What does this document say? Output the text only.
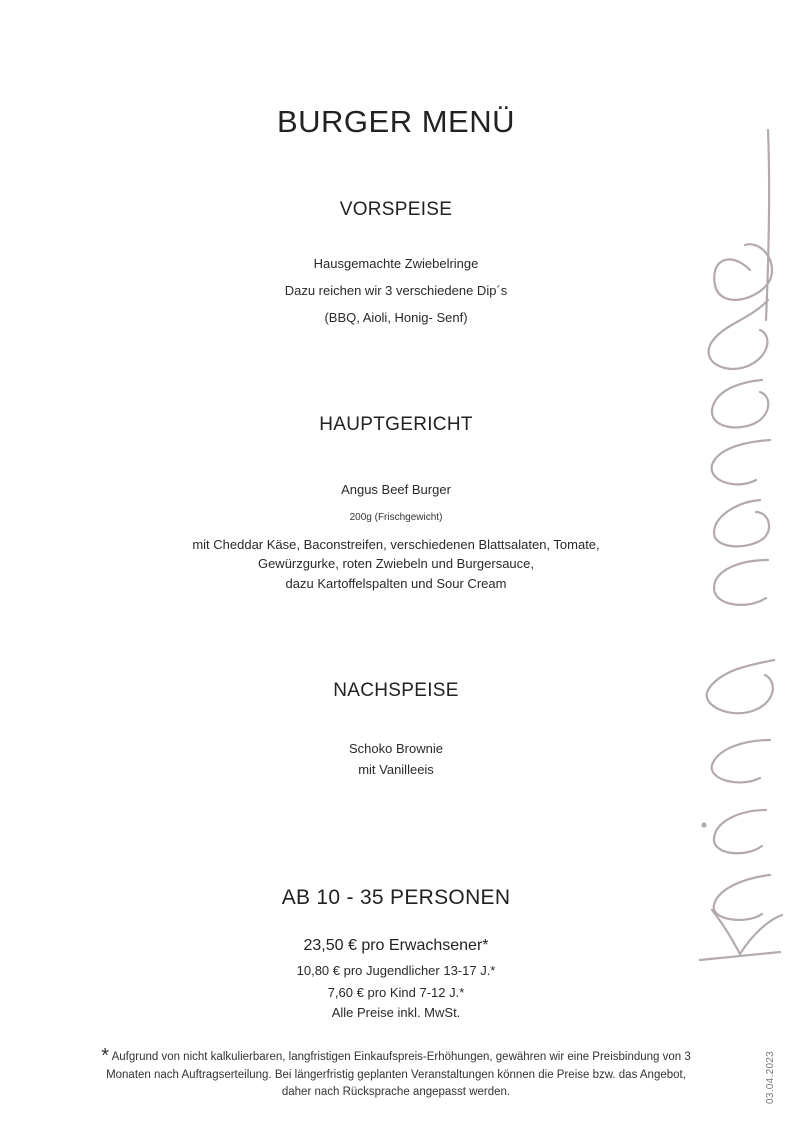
BURGER MENÜ
VORSPEISE
Hausgemachte Zwiebelringe
Dazu reichen wir 3 verschiedene Dip´s
(BBQ, Aioli, Honig- Senf)
HAUPTGERICHT
Angus Beef Burger
200g (Frischgewicht)
mit Cheddar Käse, Baconstreifen, verschiedenen Blattsalaten, Tomate,
Gewürzgurke, roten Zwiebeln und Burgersauce,
dazu Kartoffelspalten und Sour Cream
NACHSPEISE
Schoko Brownie
mit Vanilleeis
AB 10 - 35 PERSONEN
23,50 € pro Erwachsener*
10,80 € pro Jugendlicher 13-17 J.*
7,60 € pro Kind 7-12 J.*
Alle Preise inkl. MwSt.
* Aufgrund von nicht kalkulierbaren, langfristigen Einkaufspreis-Erhöhungen, gewähren wir eine Preisbindung von 3 Monaten nach Auftragserteilung. Bei längerfristig geplanten Veranstaltungen können die Preise bzw. das Angebot, daher nach Rücksprache angepasst werden.	03.04.2023
